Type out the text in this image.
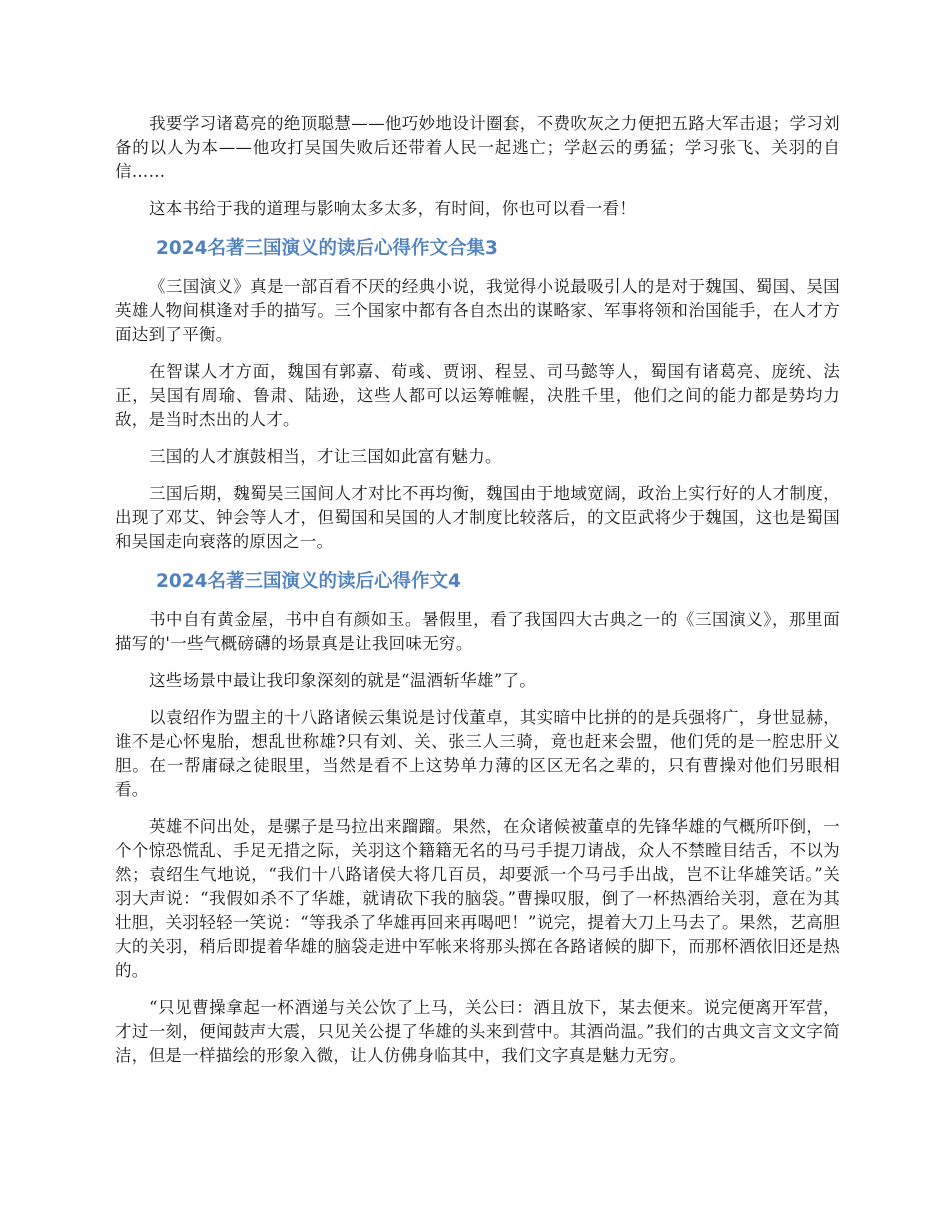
我要学习诸葛亮的绝顶聪慧——他巧妙地设计圈套，不费吹灰之力便把五路大军击退；学习刘备的以人为本——他攻打吴国失败后还带着人民一起逃亡；学赵云的勇猛；学习张飞、关羽的自信……

这本书给于我的道理与影响太多太多，有时间，你也可以看一看！

2024名著三国演义的读后心得作文合集3

《三国演义》真是一部百看不厌的经典小说，我觉得小说最吸引人的是对于魏国、蜀国、吴国英雄人物间棋逢对手的描写。三个国家中都有各自杰出的谋略家、军事将领和治国能手，在人才方面达到了平衡。

在智谋人才方面，魏国有郭嘉、荀彧、贾诩、程昱、司马懿等人，蜀国有诸葛亮、庞统、法正，吴国有周瑜、鲁肃、陆逊，这些人都可以运筹帷幄，决胜千里，他们之间的能力都是势均力敌，是当时杰出的人才。

三国的人才旗鼓相当，才让三国如此富有魅力。

三国后期，魏蜀吴三国间人才对比不再均衡，魏国由于地域宽阔，政治上实行好的人才制度，出现了邓艾、钟会等人才，但蜀国和吴国的人才制度比较落后，的文臣武将少于魏国，这也是蜀国和吴国走向衰落的原因之一。

2024名著三国演义的读后心得作文4

书中自有黄金屋，书中自有颜如玉。暑假里，看了我国四大古典之一的《三国演义》，那里面描写的'一些气概磅礴的场景真是让我回味无穷。

这些场景中最让我印象深刻的就是“温酒斩华雄”了。

以袁绍作为盟主的十八路诸候云集说是讨伐董卓，其实暗中比拼的的是兵强将广，身世显赫，谁不是心怀鬼胎，想乱世称雄?只有刘、关、张三人三骑，竟也赶来会盟，他们凭的是一腔忠肝义胆。在一帮庸碌之徒眼里，当然是看不上这势单力薄的区区无名之辈的，只有曹操对他们另眼相看。

英雄不问出处，是骡子是马拉出来蹓蹓。果然，在众诸候被董卓的先锋华雄的气概所吓倒，一个个惊恐慌乱、手足无措之际，关羽这个籍籍无名的马弓手提刀请战，众人不禁瞠目结舌，不以为然；袁绍生气地说，“我们十八路诸侯大将几百员，却要派一个马弓手出战，岂不让华雄笑话。”关羽大声说：“我假如杀不了华雄，就请砍下我的脑袋。”曹操叹服，倒了一杯热酒给关羽，意在为其壮胆，关羽轻轻一笑说：“等我杀了华雄再回来再喝吧！”说完，提着大刀上马去了。果然，艺高胆大的关羽，稍后即提着华雄的脑袋走进中军帐来将那头掷在各路诸候的脚下，而那杯酒依旧还是热的。

“只见曹操拿起一杯酒递与关公饮了上马，关公曰：酒且放下，某去便来。说完便离开军营，才过一刻，便闻鼓声大震，只见关公提了华雄的头来到营中。其酒尚温。”我们的古典文言文文字简洁，但是一样描绘的形象入微，让人仿佛身临其中，我们文字真是魅力无穷。
